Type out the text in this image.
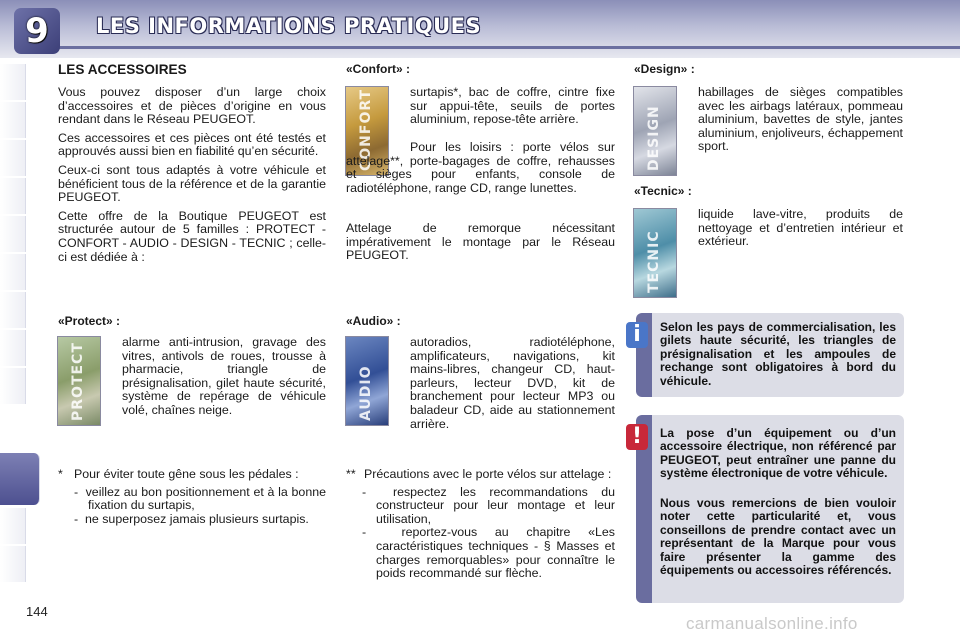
9	LES INFORMATIONS PRATIQUES
LES ACCESSOIRES

Vous pouvez disposer d’un large choix d’accessoires et de pièces d’origine en vous rendant dans le Réseau PEUGEOT.

Ces accessoires et ces pièces ont été testés et approuvés aussi bien en fiabilité qu’en sécurité.

Ceux-ci sont tous adaptés à votre véhicule et bénéficient tous de la référence et de la garantie PEUGEOT.

Cette offre de la Boutique PEUGEOT est structurée autour de 5 familles : PROTECT - CONFORT - AUDIO - DESIGN - TECNIC ; celle-ci est dédiée à :

«Protect» :
PROTECT
alarme anti-intrusion, gravage des vitres, antivols de roues, trousse à pharmacie, triangle de présignalisation, gilet haute sécurité, système de repérage de véhicule volé, chaînes neige.
* Pour éviter toute gêne sous les pédales :
-  veillez au bon positionnement et à la bonne fixation du surtapis,
-  ne superposez jamais plusieurs surtapis.
«Confort» :
CONFORT	surtapis*, bac de coffre, cintre fixe sur appui-tête, seuils de portes aluminium, repose-tête arrière.
Pour les loisirs : porte vélos sur attelage**, porte-bagages de coffre, rehausses et sièges pour enfants, console de radiotéléphone, range CD, range lunettes.
Attelage de remorque nécessitant impérativement le montage par le Réseau PEUGEOT.
«Audio» :
AUDIO
autoradios, radiotéléphone, amplificateurs, navigations, kit mains-libres, changeur CD, haut-parleurs, lecteur DVD, kit de branchement pour lecteur MP3 ou baladeur CD, aide au stationnement arrière.
** Précautions avec le porte vélos sur attelage :
-  respectez les recommandations du constructeur pour leur montage et leur utilisation,
-  reportez-vous au chapitre «Les caractéristiques techniques - § Masses et charges remorquables» pour connaître le poids recommandé sur flèche.
«Design» :
DESIGN
habillages de sièges compatibles avec les airbags latéraux, pommeau aluminium, bavettes de style, jantes aluminium, enjoliveurs, échappement sport.
«Tecnic» :
TECNIC
liquide lave-vitre, produits de nettoyage et d’entretien intérieur et extérieur.
Selon les pays de commercialisation, les gilets haute sécurité, les triangles de présignalisation et les ampoules de rechange sont obligatoires à bord du véhicule.
i
La pose d’un équipement ou d’un accessoire électrique, non référencé par PEUGEOT, peut entraîner une panne du système électronique de votre véhicule.
Nous vous remercions de bien vouloir noter cette particularité et, vous conseillons de prendre contact avec un représentant de la Marque pour vous faire présenter la gamme des équipements ou accessoires référencés.
!
144
carmanualsonline.info
